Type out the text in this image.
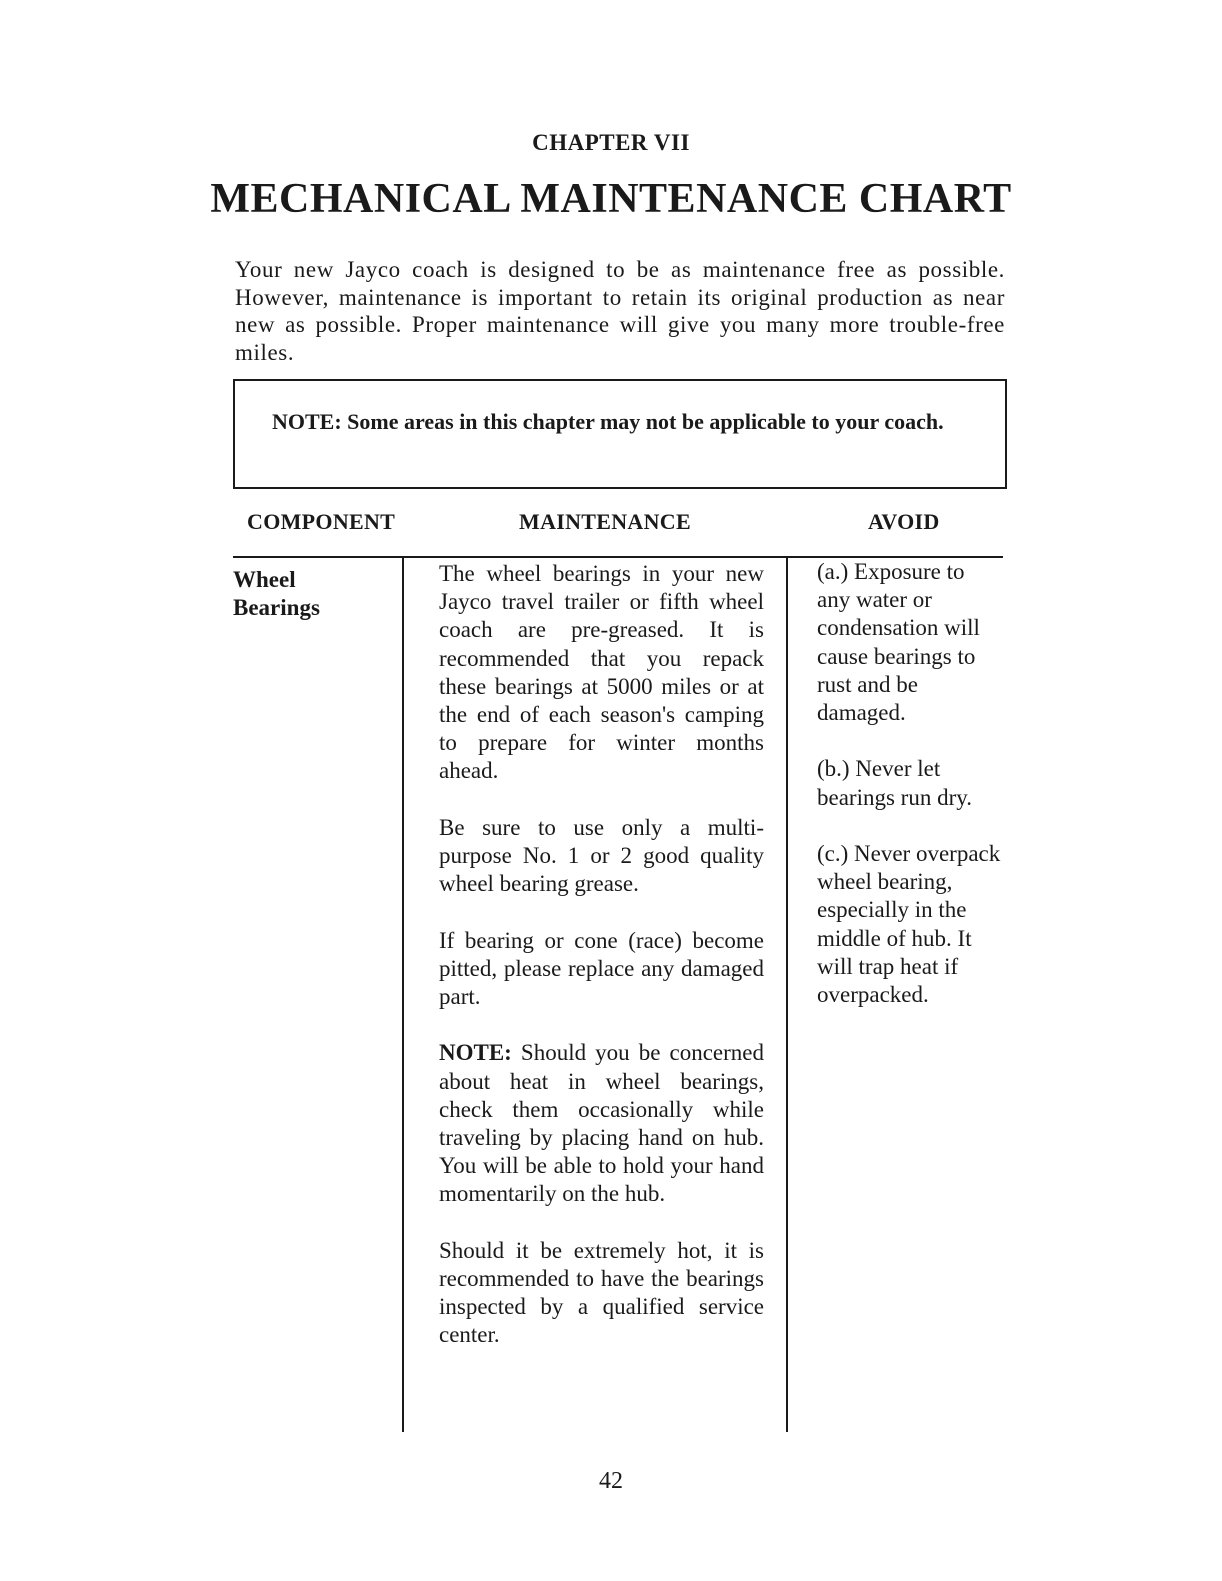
CHAPTER VII
MECHANICAL MAINTENANCE CHART
Your new Jayco coach is designed to be as maintenance free as possible. However, maintenance is important to retain its original production as near new as possible. Proper maintenance will give you many more trouble-free miles.

NOTE: Some areas in this chapter may not be applicable to your coach.

COMPONENT	MAINTENANCE	AVOID
Wheel
Bearings

The wheel bearings in your new Jayco travel trailer or fifth wheel coach are pre-greased. It is recommended that you repack these bearings at 5000 miles or at the end of each season's camping to prepare for winter months ahead.

Be sure to use only a multi-purpose No. 1 or 2 good quality wheel bearing grease.

If bearing or cone (race) become pitted, please replace any damaged part.

NOTE: Should you be concerned about heat in wheel bearings, check them occasionally while traveling by placing hand on hub. You will be able to hold your hand momentarily on the hub.

Should it be extremely hot, it is recommended to have the bearings inspected by a qualified service center.

(a.) Exposure to any water or condensation will cause bearings to rust and be damaged.

(b.) Never let bearings run dry.

(c.) Never overpack wheel bearing, especially in the middle of hub. It will trap heat if overpacked.

42
